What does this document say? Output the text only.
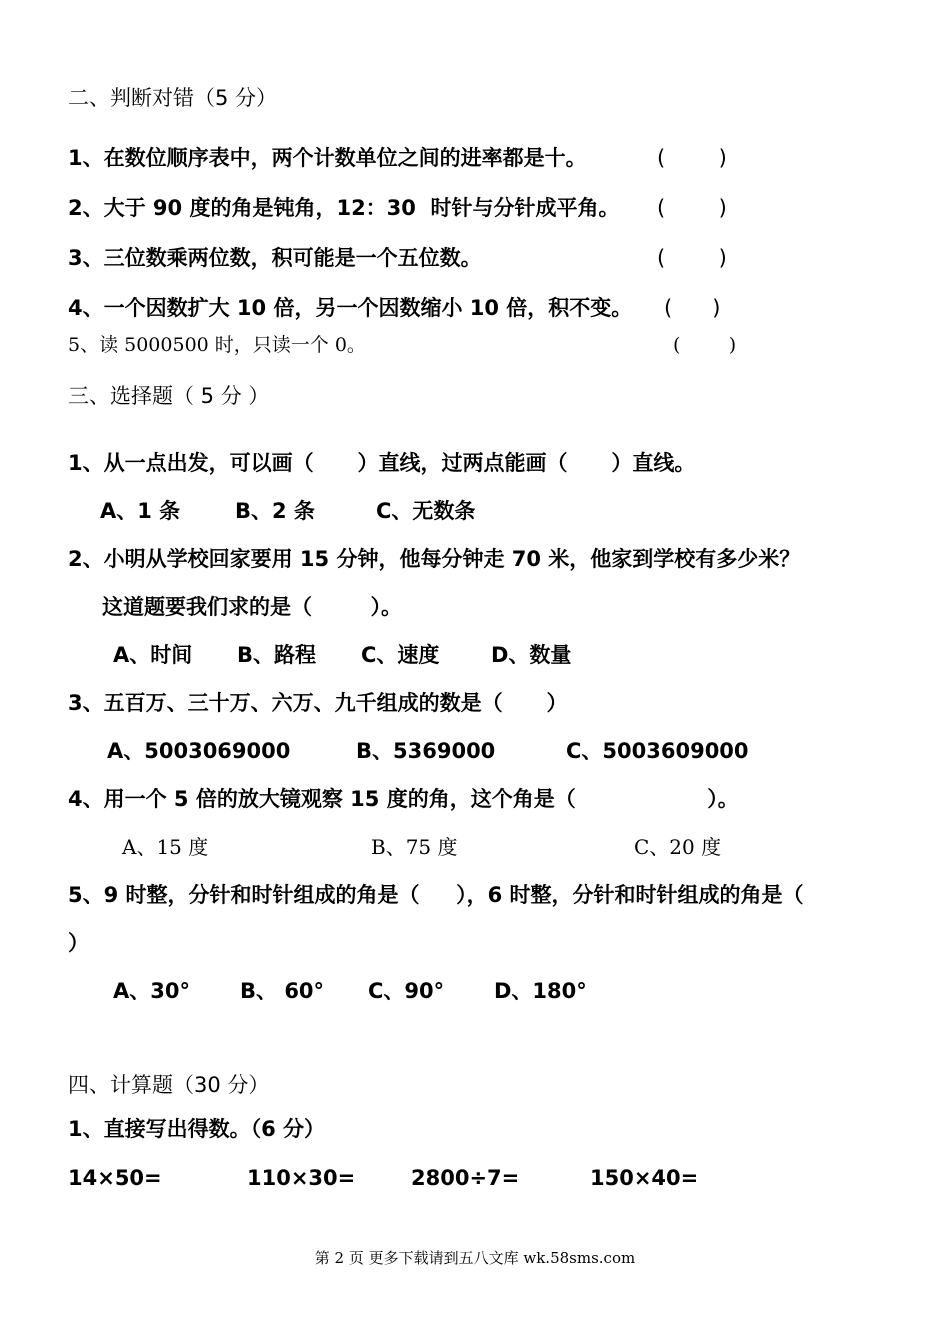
二、判断对错（5 分）
1、在数位顺序表中，两个计数单位之间的进率都是十。	(        )
2、大于 90 度的角是钝角，12：30  时针与分针成平角。 (        )
3、三位数乘两位数，积可能是一个五位数。	(        )
4、一个因数扩大 10 倍，另一个因数缩小 10 倍，积不变。 (      )
5、读 5000500 时，只读一个 0。	(        )
三、选择题（ 5 分 ）
1、从一点出发，可以画（      ）直线，过两点能画（      ）直线。
A、1 条	B、2 条	C、无数条
2、小明从学校回家要用 15 分钟，他每分钟走 70 米，他家到学校有多少米？
这道题要我们求的是（        ）。
A、时间 B、路程 C、速度 D、数量
3、五百万、三十万、六万、九千组成的数是（      ）
A、5003069000	B、5369000	C、5003609000
4、用一个 5 倍的放大镜观察 15 度的角，这个角是（                  ）。
A、15 度	B、75 度	C、20 度
5、9 时整，分针和时针组成的角是（     ），6 时整，分针和时针组成的角是（
）
A、30° B、 60° C、90° D、180°
四、计算题（30 分）
1、直接写出得数。（6 分）
14×50=	110×30=	2800÷7=	150×40=
第 2 页 更多下载请到五八文库 wk.58sms.com
